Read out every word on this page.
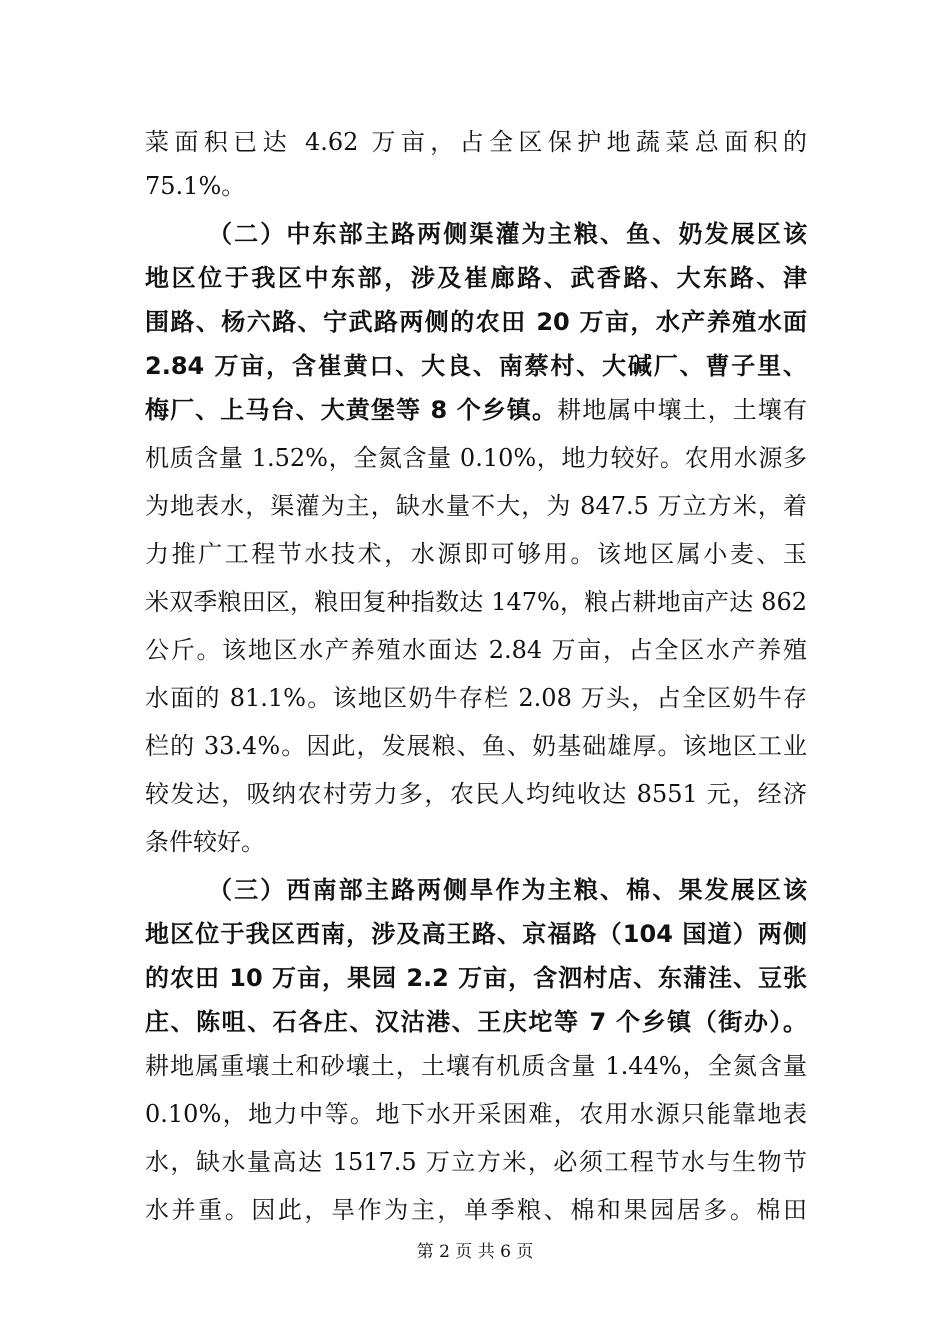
菜面积已达 4.62 万亩，占全区保护地蔬菜总面积的
75.1%。
（二）中东部主路两侧渠灌为主粮、鱼、奶发展区该
地区位于我区中东部，涉及崔廊路、武香路、大东路、津
围路、杨六路、宁武路两侧的农田 20 万亩，水产养殖水面
2.84 万亩，含崔黄口、大良、南蔡村、大碱厂、曹子里、
梅厂、上马台、大黄堡等 8 个乡镇。耕地属中壤土，土壤有
机质含量 1.52%，全氮含量 0.10%，地力较好。农用水源多
为地表水，渠灌为主，缺水量不大，为 847.5 万立方米，着
力推广工程节水技术，水源即可够用。该地区属小麦、玉
米双季粮田区，粮田复种指数达 147%，粮占耕地亩产达 862
公斤。该地区水产养殖水面达 2.84 万亩，占全区水产养殖
水面的 81.1%。该地区奶牛存栏 2.08 万头，占全区奶牛存
栏的 33.4%。因此，发展粮、鱼、奶基础雄厚。该地区工业
较发达，吸纳农村劳力多，农民人均纯收达 8551 元，经济
条件较好。
（三）西南部主路两侧旱作为主粮、棉、果发展区该
地区位于我区西南，涉及高王路、京福路（104 国道）两侧
的农田 10 万亩，果园 2.2 万亩，含泗村店、东蒲洼、豆张
庄、陈咀、石各庄、汉沽港、王庆坨等 7 个乡镇（街办）。
耕地属重壤土和砂壤土，土壤有机质含量 1.44%，全氮含量
0.10%，地力中等。地下水开采困难，农用水源只能靠地表
水，缺水量高达 1517.5 万立方米，必须工程节水与生物节
水并重。因此，旱作为主，单季粮、棉和果园居多。棉田
第 2 页 共 6 页
